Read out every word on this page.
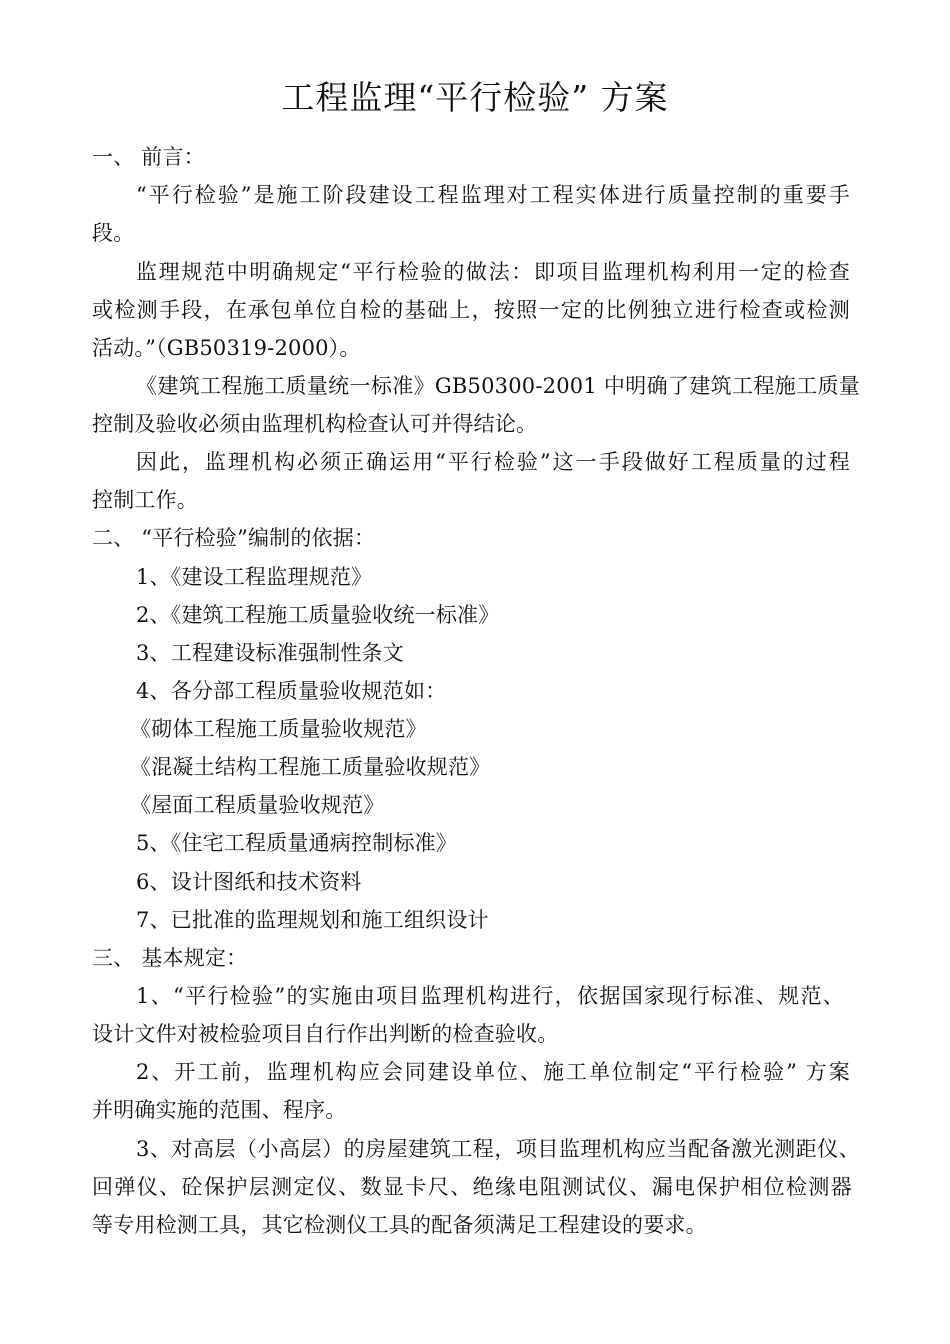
工程监理“平行检验” 方案
一、 前言：
“平行检验”是施工阶段建设工程监理对工程实体进行质量控制的重要手
段。
监理规范中明确规定“平行检验的做法：即项目监理机构利用一定的检查
或检测手段，在承包单位自检的基础上，按照一定的比例独立进行检查或检测
活动。”（GB50319-2000）。
《建筑工程施工质量统一标准》GB50300-2001 中明确了建筑工程施工质量
控制及验收必须由监理机构检查认可并得结论。
因此，监理机构必须正确运用“平行检验”这一手段做好工程质量的过程
控制工作。
二、 “平行检验”编制的依据：
1、《建设工程监理规范》
2、《建筑工程施工质量验收统一标准》
3、工程建设标准强制性条文
4、各分部工程质量验收规范如：
《砌体工程施工质量验收规范》
《混凝土结构工程施工质量验收规范》
《屋面工程质量验收规范》
5、《住宅工程质量通病控制标准》
6、设计图纸和技术资料
7、已批准的监理规划和施工组织设计
三、 基本规定：
1、“平行检验”的实施由项目监理机构进行，依据国家现行标准、规范、
设计文件对被检验项目自行作出判断的检查验收。
2、开工前，监理机构应会同建设单位、施工单位制定“平行检验” 方案
并明确实施的范围、程序。
3、对高层（小高层）的房屋建筑工程，项目监理机构应当配备激光测距仪、
回弹仪、砼保护层测定仪、数显卡尺、绝缘电阻测试仪、漏电保护相位检测器
等专用检测工具，其它检测仪工具的配备须满足工程建设的要求。
